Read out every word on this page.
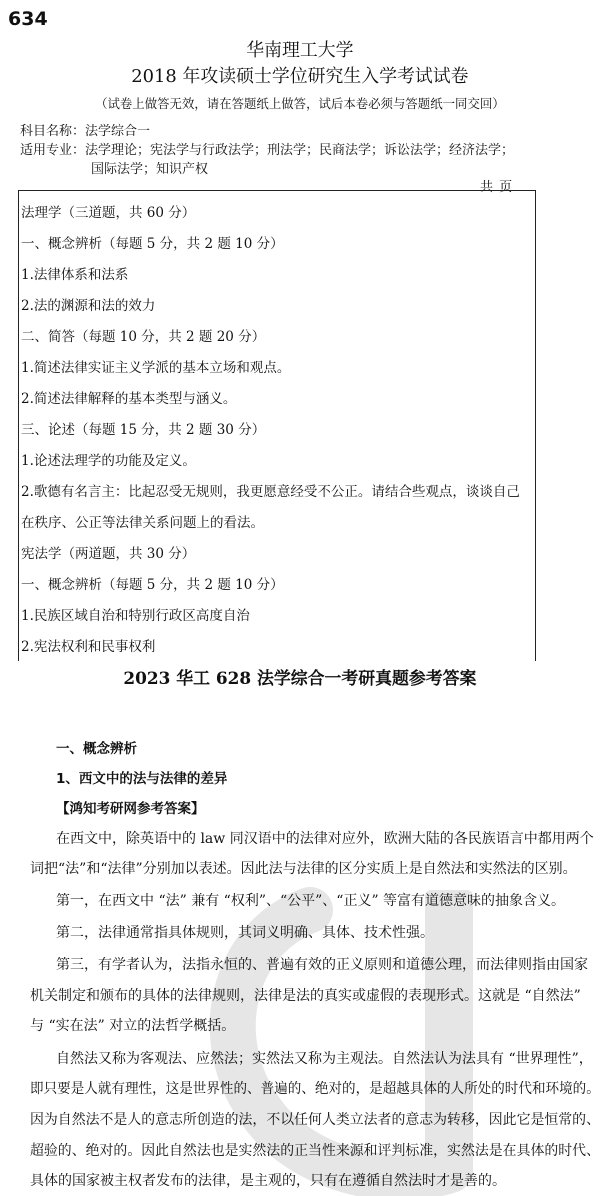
634
华南理工大学
2018 年攻读硕士学位研究生入学考试试卷
（试卷上做答无效，请在答题纸上做答，试后本卷必须与答题纸一同交回）
科目名称：法学综合一
适用专业：法学理论；宪法学与行政法学；刑法学；民商法学；诉讼法学；经济法学；
国际法学；知识产权
共 页
法理学（三道题，共 60 分）
一、概念辨析（每题 5 分，共 2 题 10 分）
1.法律体系和法系
2.法的渊源和法的效力
二、简答（每题 10 分，共 2 题 20 分）
1.简述法律实证主义学派的基本立场和观点。
2.简述法律解释的基本类型与涵义。
三、论述（每题 15 分，共 2 题 30 分）
1.论述法理学的功能及定义。
2.歌德有名言主：比起忍受无规则，我更愿意经受不公正。请结合些观点，谈谈自己
在秩序、公正等法律关系问题上的看法。
宪法学（两道题，共 30 分）
一、概念辨析（每题 5 分，共 2 题 10 分）
1.民族区域自治和特别行政区高度自治
2.宪法权利和民事权利
2023 华工 628 法学综合一考研真题参考答案
一、概念辨析
1、西文中的法与法律的差异
【鸿知考研网参考答案】
在西文中，除英语中的 law 同汉语中的法律对应外，欧洲大陆的各民族语言中都用两个
词把“法”和“法律”分别加以表述。因此法与法律的区分实质上是自然法和实然法的区别。
第一，在西文中 “法” 兼有 “权利”、“公平”、“正义” 等富有道德意味的抽象含义。
第二，法律通常指具体规则，其词义明确、具体、技术性强。
第三，有学者认为，法指永恒的、普遍有效的正义原则和道德公理，而法律则指由国家
机关制定和颁布的具体的法律规则，法律是法的真实或虚假的表现形式。这就是 “自然法”
与 “实在法” 对立的法哲学概括。
自然法又称为客观法、应然法；实然法又称为主观法。自然法认为法具有 “世界理性”，
即只要是人就有理性，这是世界性的、普遍的、绝对的，是超越具体的人所处的时代和环境的。
因为自然法不是人的意志所创造的法，不以任何人类立法者的意志为转移，因此它是恒常的、
超验的、绝对的。因此自然法也是实然法的正当性来源和评判标准，实然法是在具体的时代、
具体的国家被主权者发布的法律，是主观的，只有在遵循自然法时才是善的。
